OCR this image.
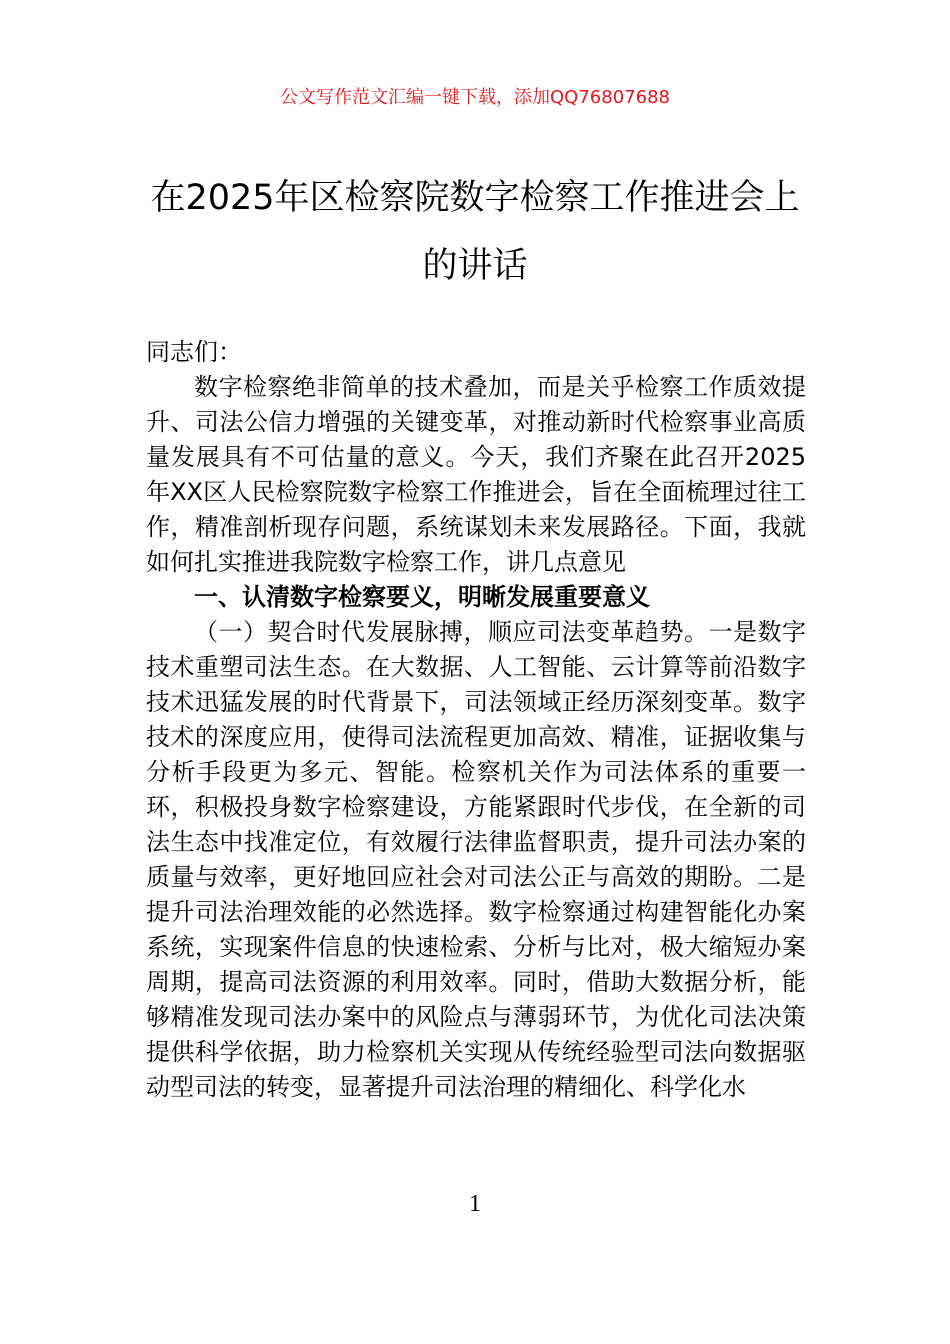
公文写作范文汇编一键下载，添加QQ76807688
在2025年区检察院数字检察工作推进会上的讲话

同志们：

数字检察绝非简单的技术叠加，而是关乎检察工作质效提升、司法公信力增强的关键变革，对推动新时代检察事业高质量发展具有不可估量的意义。今天，我们齐聚在此召开2025年XX区人民检察院数字检察工作推进会，旨在全面梳理过往工作，精准剖析现存问题，系统谋划未来发展路径。下面，我就如何扎实推进我院数字检察工作，讲几点意见

一、认清数字检察要义，明晰发展重要意义

（一）契合时代发展脉搏，顺应司法变革趋势。一是数字技术重塑司法生态。在大数据、人工智能、云计算等前沿数字技术迅猛发展的时代背景下，司法领域正经历深刻变革。数字技术的深度应用，使得司法流程更加高效、精准，证据收集与分析手段更为多元、智能。检察机关作为司法体系的重要一环，积极投身数字检察建设，方能紧跟时代步伐，在全新的司法生态中找准定位，有效履行法律监督职责，提升司法办案的质量与效率，更好地回应社会对司法公正与高效的期盼。二是提升司法治理效能的必然选择。数字检察通过构建智能化办案系统，实现案件信息的快速检索、分析与比对，极大缩短办案周期，提高司法资源的利用效率。同时，借助大数据分析，能够精准发现司法办案中的风险点与薄弱环节，为优化司法决策提供科学依据，助力检察机关实现从传统经验型司法向数据驱动型司法的转变，显著提升司法治理的精细化、科学化水

1
